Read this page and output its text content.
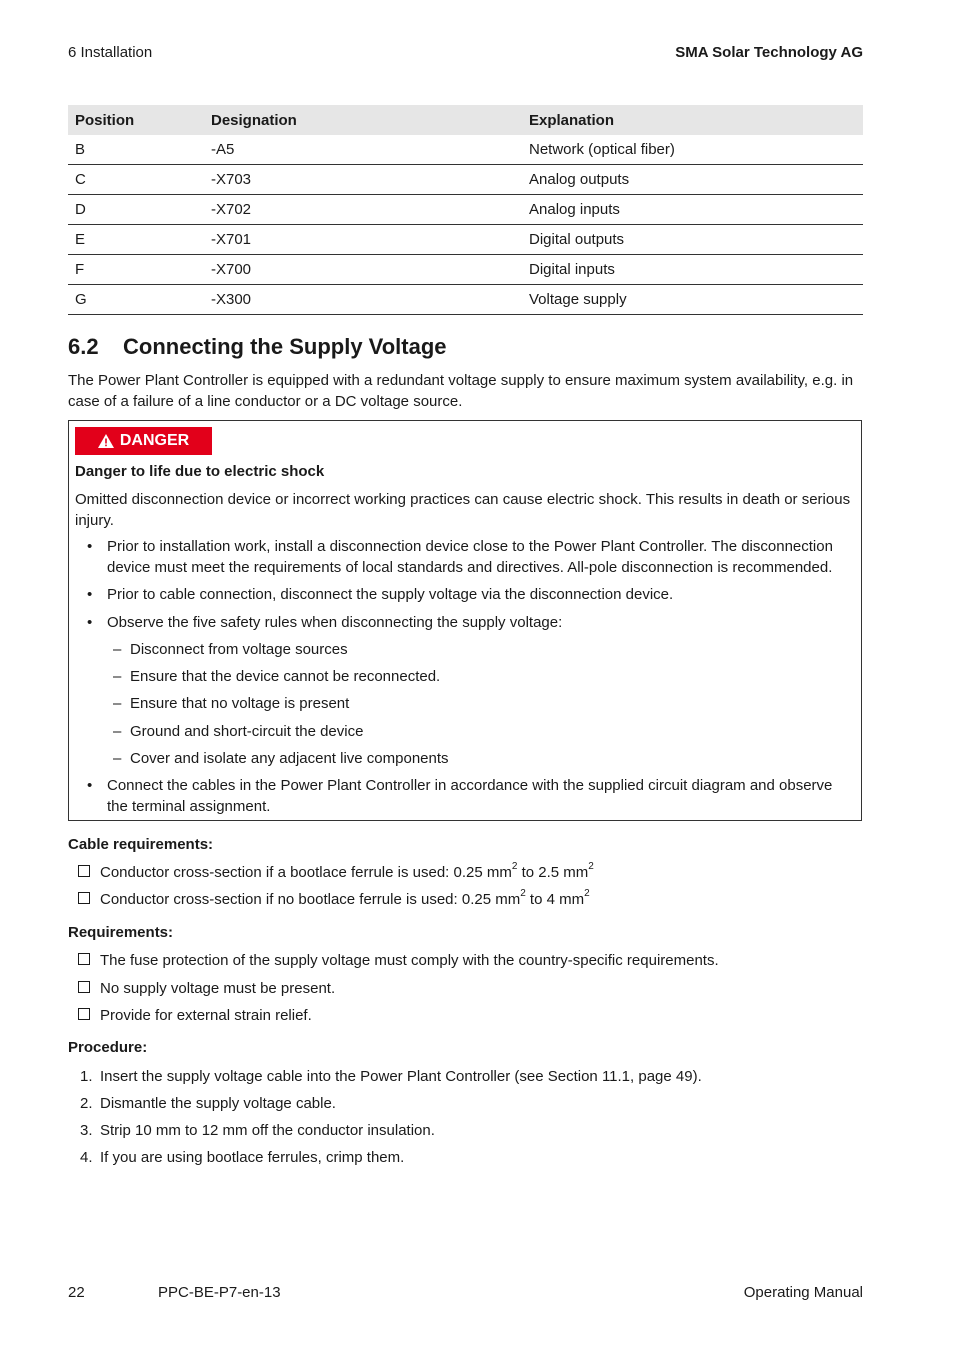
6 Installation	SMA Solar Technology AG
Position	Designation	Explanation
B	-A5	Network (optical fiber)
C	-X703	Analog outputs
D	-X702	Analog inputs
E	-X701	Digital outputs
F	-X700	Digital inputs
G	-X300	Voltage supply
6.2 Connecting the Supply Voltage

The Power Plant Controller is equipped with a redundant voltage supply to ensure maximum system availability, e.g. in case of a failure of a line conductor or a DC voltage source.

DANGER
Danger to life due to electric shock

Omitted disconnection device or incorrect working practices can cause electric shock. This results in death or serious injury.

• Prior to installation work, install a disconnection device close to the Power Plant Controller. The disconnection device must meet the requirements of local standards and directives. All-pole disconnection is recommended.
• Prior to cable connection, disconnect the supply voltage via the disconnection device.
• Observe the five safety rules when disconnecting the supply voltage:
– Disconnect from voltage sources
– Ensure that the device cannot be reconnected.
– Ensure that no voltage is present
– Ground and short-circuit the device
– Cover and isolate any adjacent live components
• Connect the cables in the Power Plant Controller in accordance with the supplied circuit diagram and observe the terminal assignment.
Cable requirements:
Conductor cross-section if a bootlace ferrule is used: 0.25 $mm^2$ to 2.5 $mm^2$
Conductor cross-section if no bootlace ferrule is used: 0.25 $mm^2$ to 4 $mm^2$
Requirements:
The fuse protection of the supply voltage must comply with the country-specific requirements.
No supply voltage must be present.
Provide for external strain relief.
Procedure:
1. Insert the supply voltage cable into the Power Plant Controller (see Section 11.1, page 49).
2. Dismantle the supply voltage cable.
3. Strip 10 mm to 12 mm off the conductor insulation.
4. If you are using bootlace ferrules, crimp them.
22	PPC-BE-P7-en-13	Operating Manual
